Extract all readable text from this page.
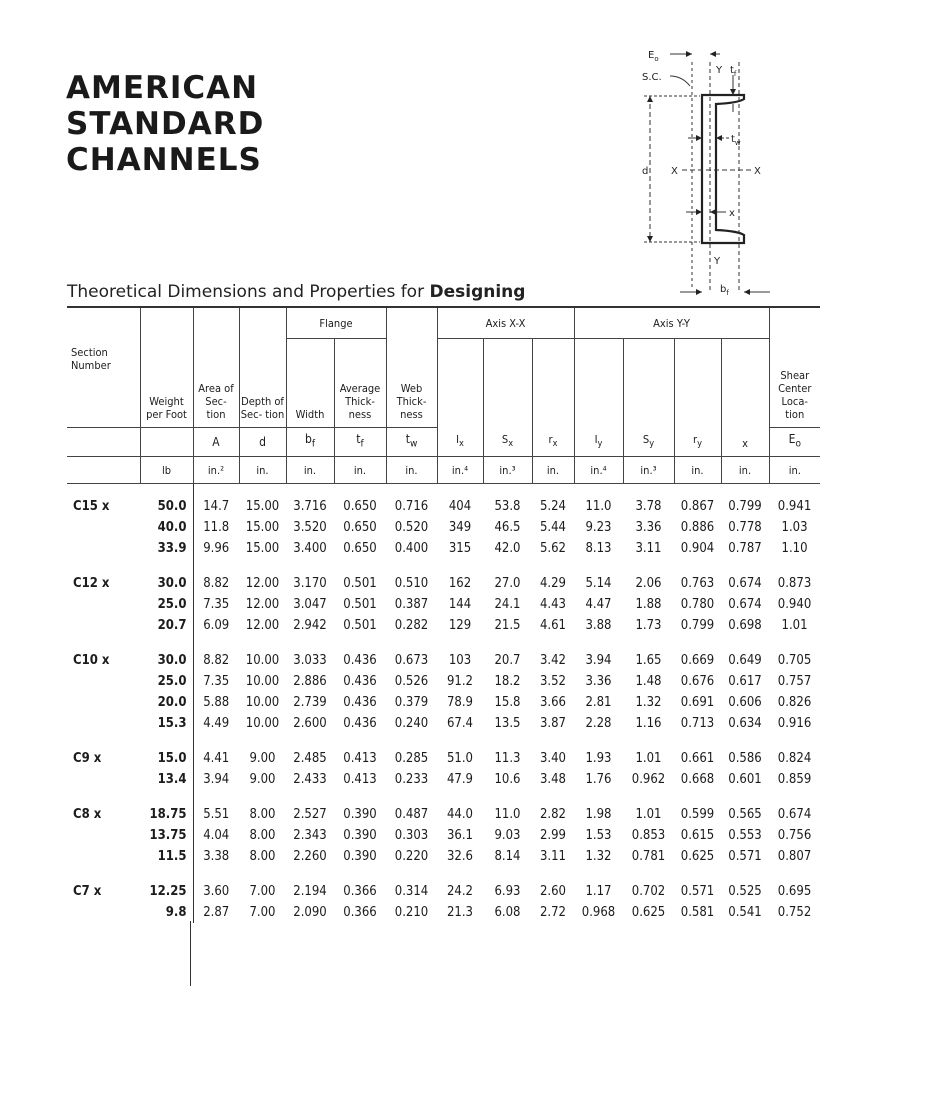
AMERICAN
STANDARD
CHANNELS
$E_o$
S.C.
Y $t_f$
$t_w$
d X	X
x
Y
$b_f$
Theoretical Dimensions and Properties for Designing
Section Number	Weight per Foot	Area of Sec- tion	Depth of Sec- tion	Flange		Web Thick- ness	Axis X-X			Axis Y-Y				Shear Center Loca- tion
				Width	Average Thick- ness		$I_x$	$S_x$	$r_x$	$I_y$	$S_y$	$r_y$	x	
		A	d	$b_f$	$t_f$	$t_w$								$E_o$
	lb	in.²	in.	in.	in.	in.	in.⁴	in.³	in.	in.⁴	in.³	in.	in.	in.
C15 x	50.0	14.7	15.00	3.716	0.650	0.716	404	53.8	5.24	11.0	3.78	0.867	0.799	0.941
	40.0	11.8	15.00	3.520	0.650	0.520	349	46.5	5.44	9.23	3.36	0.886	0.778	1.03
	33.9	9.96	15.00	3.400	0.650	0.400	315	42.0	5.62	8.13	3.11	0.904	0.787	1.10
C12 x	30.0	8.82	12.00	3.170	0.501	0.510	162	27.0	4.29	5.14	2.06	0.763	0.674	0.873
	25.0	7.35	12.00	3.047	0.501	0.387	144	24.1	4.43	4.47	1.88	0.780	0.674	0.940
	20.7	6.09	12.00	2.942	0.501	0.282	129	21.5	4.61	3.88	1.73	0.799	0.698	1.01
C10 x	30.0	8.82	10.00	3.033	0.436	0.673	103	20.7	3.42	3.94	1.65	0.669	0.649	0.705
	25.0	7.35	10.00	2.886	0.436	0.526	91.2	18.2	3.52	3.36	1.48	0.676	0.617	0.757
	20.0	5.88	10.00	2.739	0.436	0.379	78.9	15.8	3.66	2.81	1.32	0.691	0.606	0.826
	15.3	4.49	10.00	2.600	0.436	0.240	67.4	13.5	3.87	2.28	1.16	0.713	0.634	0.916
C9 x	15.0	4.41	9.00	2.485	0.413	0.285	51.0	11.3	3.40	1.93	1.01	0.661	0.586	0.824
	13.4	3.94	9.00	2.433	0.413	0.233	47.9	10.6	3.48	1.76	0.962	0.668	0.601	0.859
C8 x	18.75	5.51	8.00	2.527	0.390	0.487	44.0	11.0	2.82	1.98	1.01	0.599	0.565	0.674
	13.75	4.04	8.00	2.343	0.390	0.303	36.1	9.03	2.99	1.53	0.853	0.615	0.553	0.756
	11.5	3.38	8.00	2.260	0.390	0.220	32.6	8.14	3.11	1.32	0.781	0.625	0.571	0.807
C7 x	12.25	3.60	7.00	2.194	0.366	0.314	24.2	6.93	2.60	1.17	0.702	0.571	0.525	0.695
	9.8	2.87	7.00	2.090	0.366	0.210	21.3	6.08	2.72	0.968	0.625	0.581	0.541	0.752
